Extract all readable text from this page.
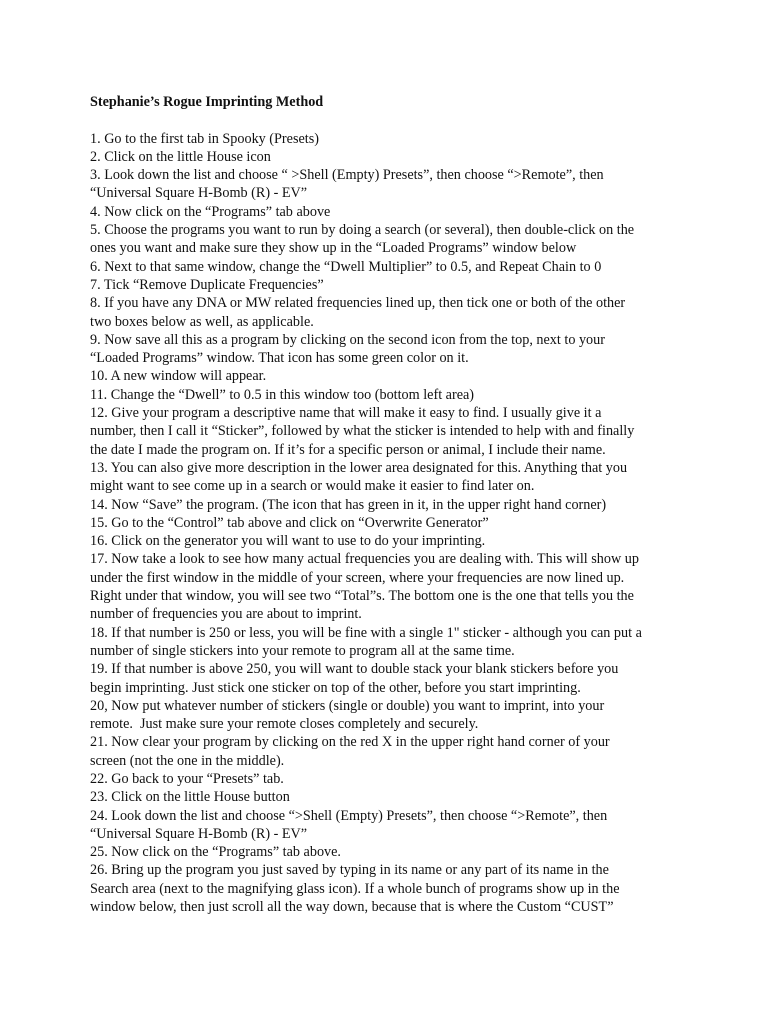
Stephanie’s Rogue Imprinting Method
1. Go to the first tab in Spooky (Presets)
2. Click on the little House icon
3. Look down the list and choose “ >Shell (Empty) Presets”, then choose “>Remote”, then
“Universal Square H-Bomb (R) - EV”
4. Now click on the “Programs” tab above
5. Choose the programs you want to run by doing a search (or several), then double-click on the
ones you want and make sure they show up in the “Loaded Programs” window below
6. Next to that same window, change the “Dwell Multiplier” to 0.5, and Repeat Chain to 0
7. Tick “Remove Duplicate Frequencies”
8. If you have any DNA or MW related frequencies lined up, then tick one or both of the other
two boxes below as well, as applicable.
9. Now save all this as a program by clicking on the second icon from the top, next to your
“Loaded Programs” window. That icon has some green color on it.
10. A new window will appear.
11. Change the “Dwell” to 0.5 in this window too (bottom left area)
12. Give your program a descriptive name that will make it easy to find. I usually give it a
number, then I call it “Sticker”, followed by what the sticker is intended to help with and finally
the date I made the program on. If it’s for a specific person or animal, I include their name.
13. You can also give more description in the lower area designated for this. Anything that you
might want to see come up in a search or would make it easier to find later on.
14. Now “Save” the program. (The icon that has green in it, in the upper right hand corner)
15. Go to the “Control” tab above and click on “Overwrite Generator”
16. Click on the generator you will want to use to do your imprinting.
17. Now take a look to see how many actual frequencies you are dealing with. This will show up
under the first window in the middle of your screen, where your frequencies are now lined up.
Right under that window, you will see two “Total”s. The bottom one is the one that tells you the
number of frequencies you are about to imprint.
18. If that number is 250 or less, you will be fine with a single 1" sticker - although you can put a
number of single stickers into your remote to program all at the same time.
19. If that number is above 250, you will want to double stack your blank stickers before you
begin imprinting. Just stick one sticker on top of the other, before you start imprinting.
20, Now put whatever number of stickers (single or double) you want to imprint, into your
remote.  Just make sure your remote closes completely and securely.
21. Now clear your program by clicking on the red X in the upper right hand corner of your
screen (not the one in the middle).
22. Go back to your “Presets” tab.
23. Click on the little House button
24. Look down the list and choose “>Shell (Empty) Presets”, then choose “>Remote”, then
“Universal Square H-Bomb (R) - EV”
25. Now click on the “Programs” tab above.
26. Bring up the program you just saved by typing in its name or any part of its name in the
Search area (next to the magnifying glass icon). If a whole bunch of programs show up in the
window below, then just scroll all the way down, because that is where the Custom “CUST”
